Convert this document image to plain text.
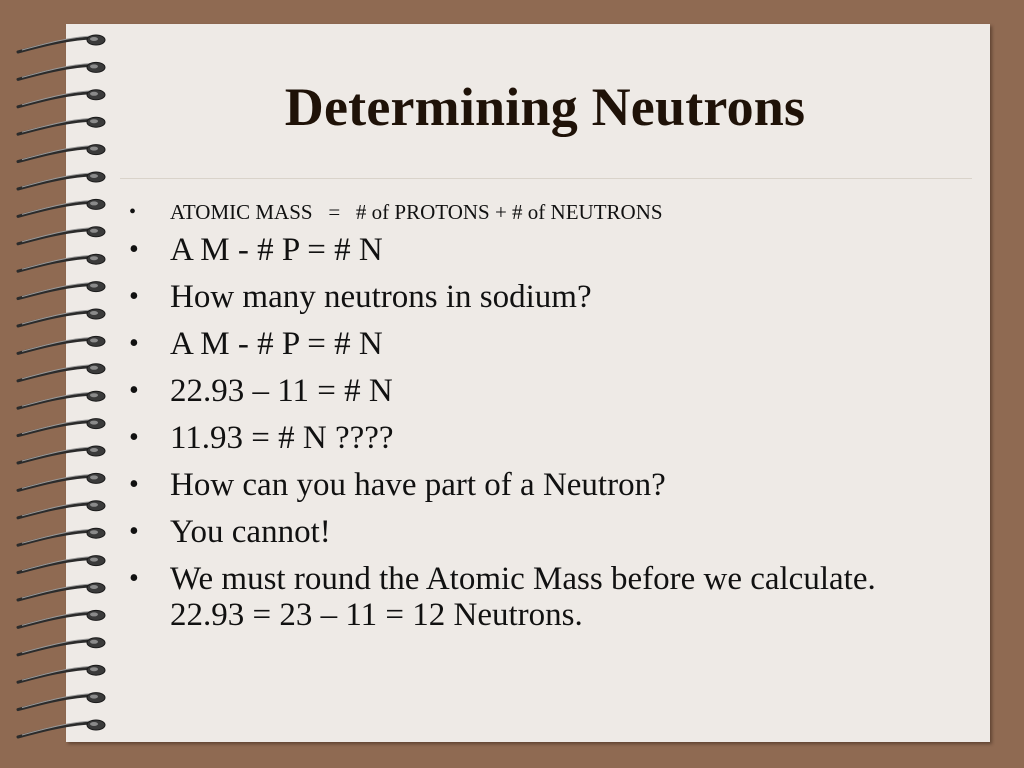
Determining Neutrons
• ATOMIC MASS   =   # of PROTONS + # of NEUTRONS
• A M - # P = # N
• How many neutrons in sodium?
• A M - # P = # N
• 22.93 – 11 = # N
• 11.93 = # N ????
• How can you have part of a Neutron?
• You cannot!
• We must round the Atomic Mass before we calculate. 22.93 = 23 – 11 = 12 Neutrons.
